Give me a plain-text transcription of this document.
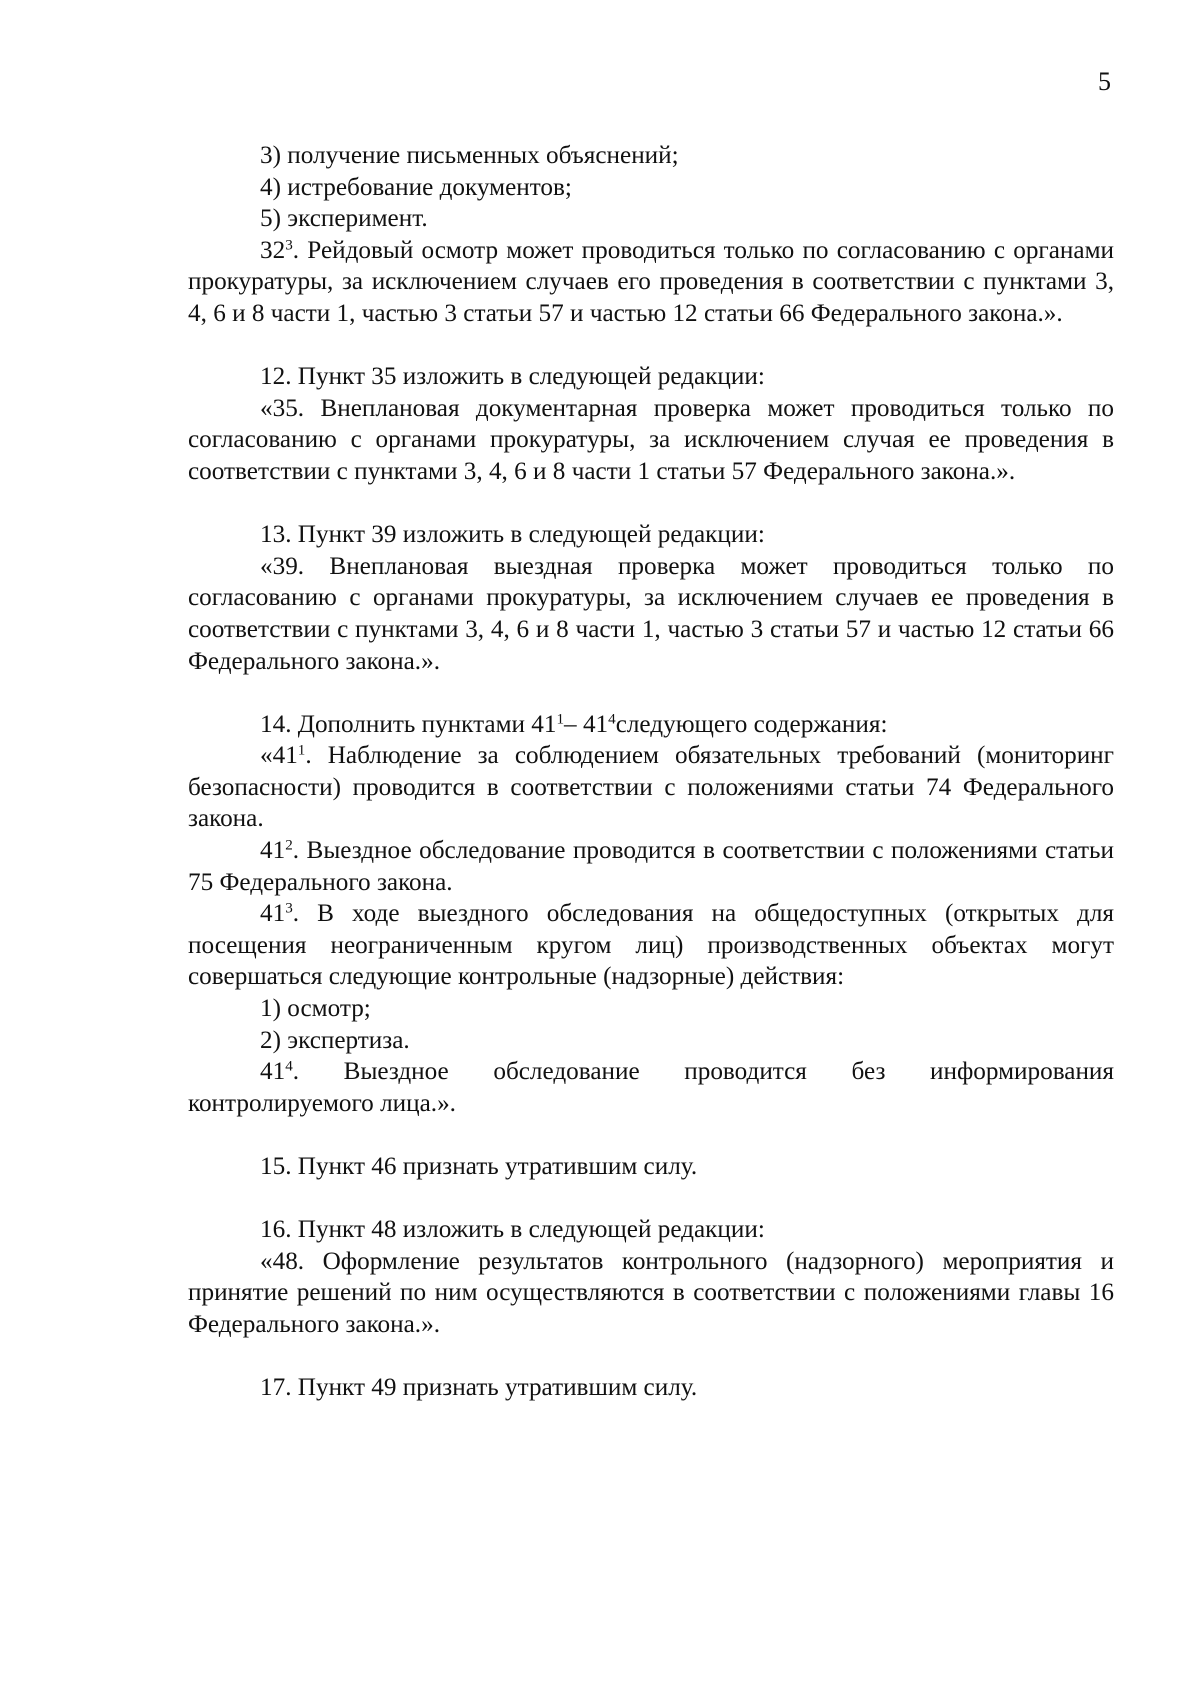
5

3) получение письменных объяснений;

4) истребование документов;

5) эксперимент.

$32^3$. Рейдовый осмотр может проводиться только по согласованию с органами прокуратуры, за исключением случаев его проведения в соответствии с пунктами 3, 4, 6 и 8 части 1, частью 3 статьи 57 и частью 12 статьи 66 Федерального закона.».

12. Пункт 35 изложить в следующей редакции:

«35. Внеплановая документарная проверка может проводиться только по согласованию с органами прокуратуры, за исключением случая ее проведения в соответствии с пунктами 3, 4, 6 и 8 части 1 статьи 57 Федерального закона.».

13. Пункт 39 изложить в следующей редакции:

«39. Внеплановая выездная проверка может проводиться только по согласованию с органами прокуратуры, за исключением случаев ее проведения в соответствии с пунктами 3, 4, 6 и 8 части 1, частью 3 статьи 57 и частью 12 статьи 66 Федерального закона.».

14. Дополнить пунктами $41^1-$ $41^4следующего$ содержания:

«$41^1$. Наблюдение за соблюдением обязательных требований (мониторинг безопасности) проводится в соответствии с положениями статьи 74 Федерального закона.

$41^2$. Выездное обследование проводится в соответствии с положениями статьи 75 Федерального закона.

$41^3$. В ходе выездного обследования на общедоступных (открытых для посещения неограниченным кругом лиц) производственных объектах могут совершаться следующие контрольные (надзорные) действия:

1) осмотр;

2) экспертиза.

$41^4$. Выездное обследование проводится без информирования контролируемого лица.».

15. Пункт 46 признать утратившим силу.

16. Пункт 48 изложить в следующей редакции:

«48. Оформление результатов контрольного (надзорного) мероприятия и принятие решений по ним осуществляются в соответствии с положениями главы 16 Федерального закона.».

17. Пункт 49 признать утратившим силу.
